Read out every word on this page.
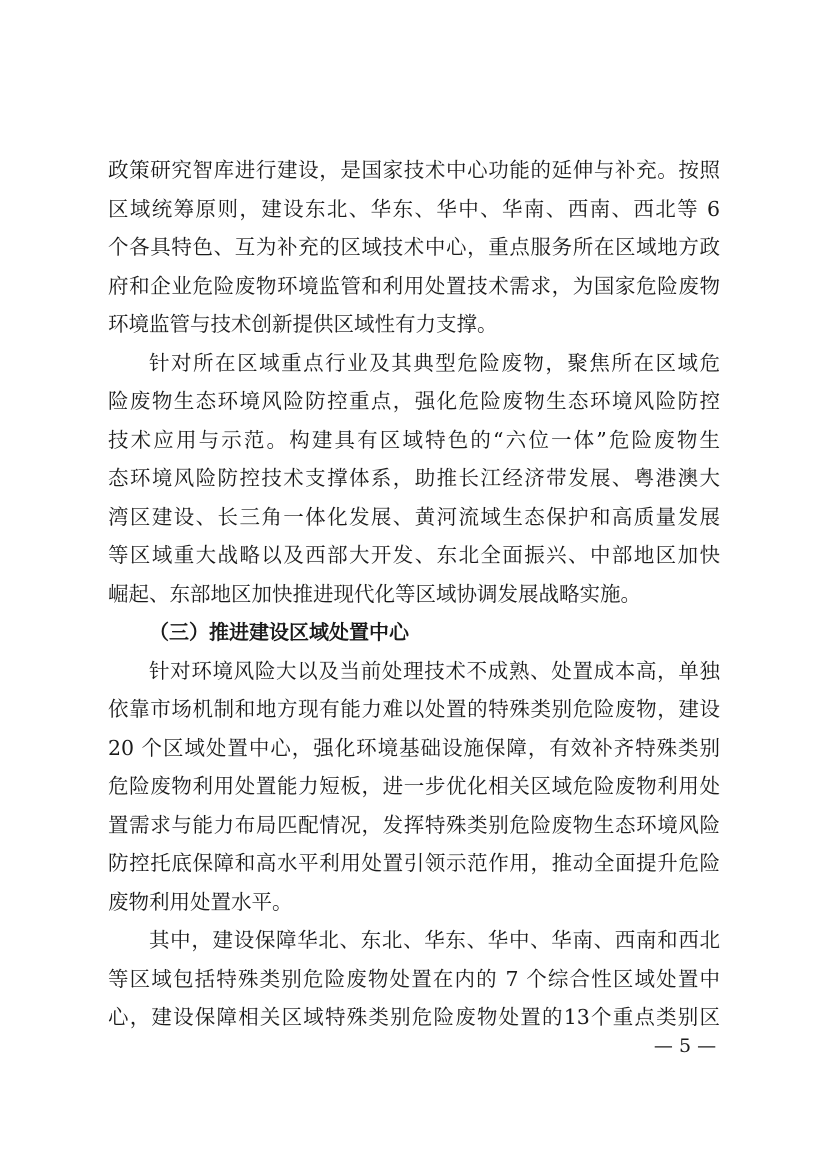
政策研究智库进行建设，是国家技术中心功能的延伸与补充。按照
区域统筹原则，建设东北、华东、华中、华南、西南、西北等 6
个各具特色、互为补充的区域技术中心，重点服务所在区域地方政
府和企业危险废物环境监管和利用处置技术需求，为国家危险废物
环境监管与技术创新提供区域性有力支撑。
针对所在区域重点行业及其典型危险废物，聚焦所在区域危
险废物生态环境风险防控重点，强化危险废物生态环境风险防控
技术应用与示范。构建具有区域特色的“六位一体”危险废物生
态环境风险防控技术支撑体系，助推长江经济带发展、粤港澳大
湾区建设、长三角一体化发展、黄河流域生态保护和高质量发展
等区域重大战略以及西部大开发、东北全面振兴、中部地区加快
崛起、东部地区加快推进现代化等区域协调发展战略实施。
（三）推进建设区域处置中心
针对环境风险大以及当前处理技术不成熟、处置成本高，单独
依靠市场机制和地方现有能力难以处置的特殊类别危险废物，建设
20 个区域处置中心，强化环境基础设施保障，有效补齐特殊类别
危险废物利用处置能力短板，进一步优化相关区域危险废物利用处
置需求与能力布局匹配情况，发挥特殊类别危险废物生态环境风险
防控托底保障和高水平利用处置引领示范作用，推动全面提升危险
废物利用处置水平。
其中，建设保障华北、东北、华东、华中、华南、西南和西北
等区域包括特殊类别危险废物处置在内的 7 个综合性区域处置中
心，建设保障相关区域特殊类别危险废物处置的13个重点类别区
— 5 —
